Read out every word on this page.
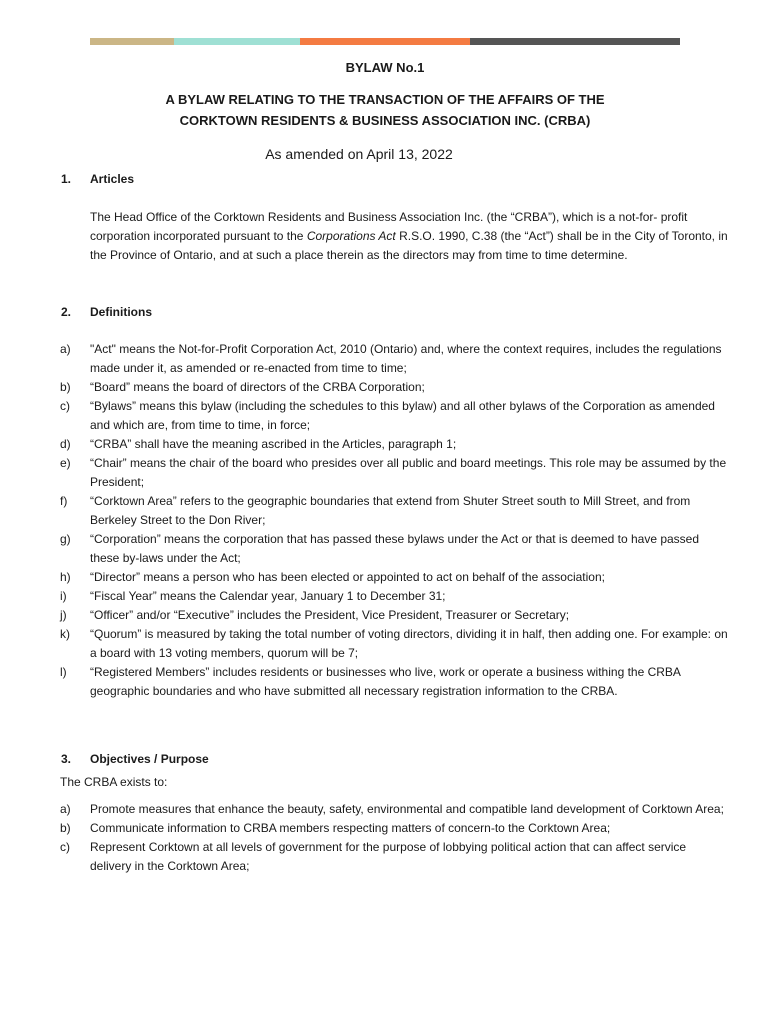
BYLAW No.1
A BYLAW RELATING TO THE TRANSACTION OF THE AFFAIRS OF THE
CORKTOWN RESIDENTS & BUSINESS ASSOCIATION INC. (CRBA)
As amended on April 13, 2022
1.	Articles
The Head Office of the Corktown Residents and Business Association Inc. (the “CRBA”), which is a not-for- profit corporation incorporated pursuant to the Corporations Act R.S.O. 1990, C.38 (the “Act”) shall be in the City of Toronto, in the Province of Ontario, and at such a place therein as the directors may from time to time determine.
2.	Definitions
a) "Act" means the Not-for-Profit Corporation Act, 2010 (Ontario) and, where the context requires, includes the regulations made under it, as amended or re-enacted from time to time;
b) “Board” means the board of directors of the CRBA Corporation;
c) “Bylaws” means this bylaw (including the schedules to this bylaw) and all other bylaws of the Corporation as amended and which are, from time to time, in force;
d) “CRBA” shall have the meaning ascribed in the Articles, paragraph 1;
e) “Chair” means the chair of the board who presides over all public and board meetings. This role may be assumed by the President;
f) “Corktown Area” refers to the geographic boundaries that extend from Shuter Street south to Mill Street, and from Berkeley Street to the Don River;
g) “Corporation” means the corporation that has passed these bylaws under the Act or that is deemed to have passed these by-laws under the Act;
h) “Director” means a person who has been elected or appointed to act on behalf of the association;
i) “Fiscal Year” means the Calendar year, January 1 to December 31;
j) “Officer” and/or “Executive” includes the President, Vice President, Treasurer or Secretary;
k) “Quorum” is measured by taking the total number of voting directors, dividing it in half, then adding one. For example: on a board with 13 voting members, quorum will be 7;
l) “Registered Members” includes residents or businesses who live, work or operate a business withing the CRBA geographic boundaries and who have submitted all necessary registration information to the CRBA.
3.	Objectives / Purpose
The CRBA exists to:
a) Promote measures that enhance the beauty, safety, environmental and compatible land development of Corktown Area;
b) Communicate information to CRBA members respecting matters of concern-to the Corktown Area;
c) Represent Corktown at all levels of government for the purpose of lobbying political action that can affect service delivery in the Corktown Area;
